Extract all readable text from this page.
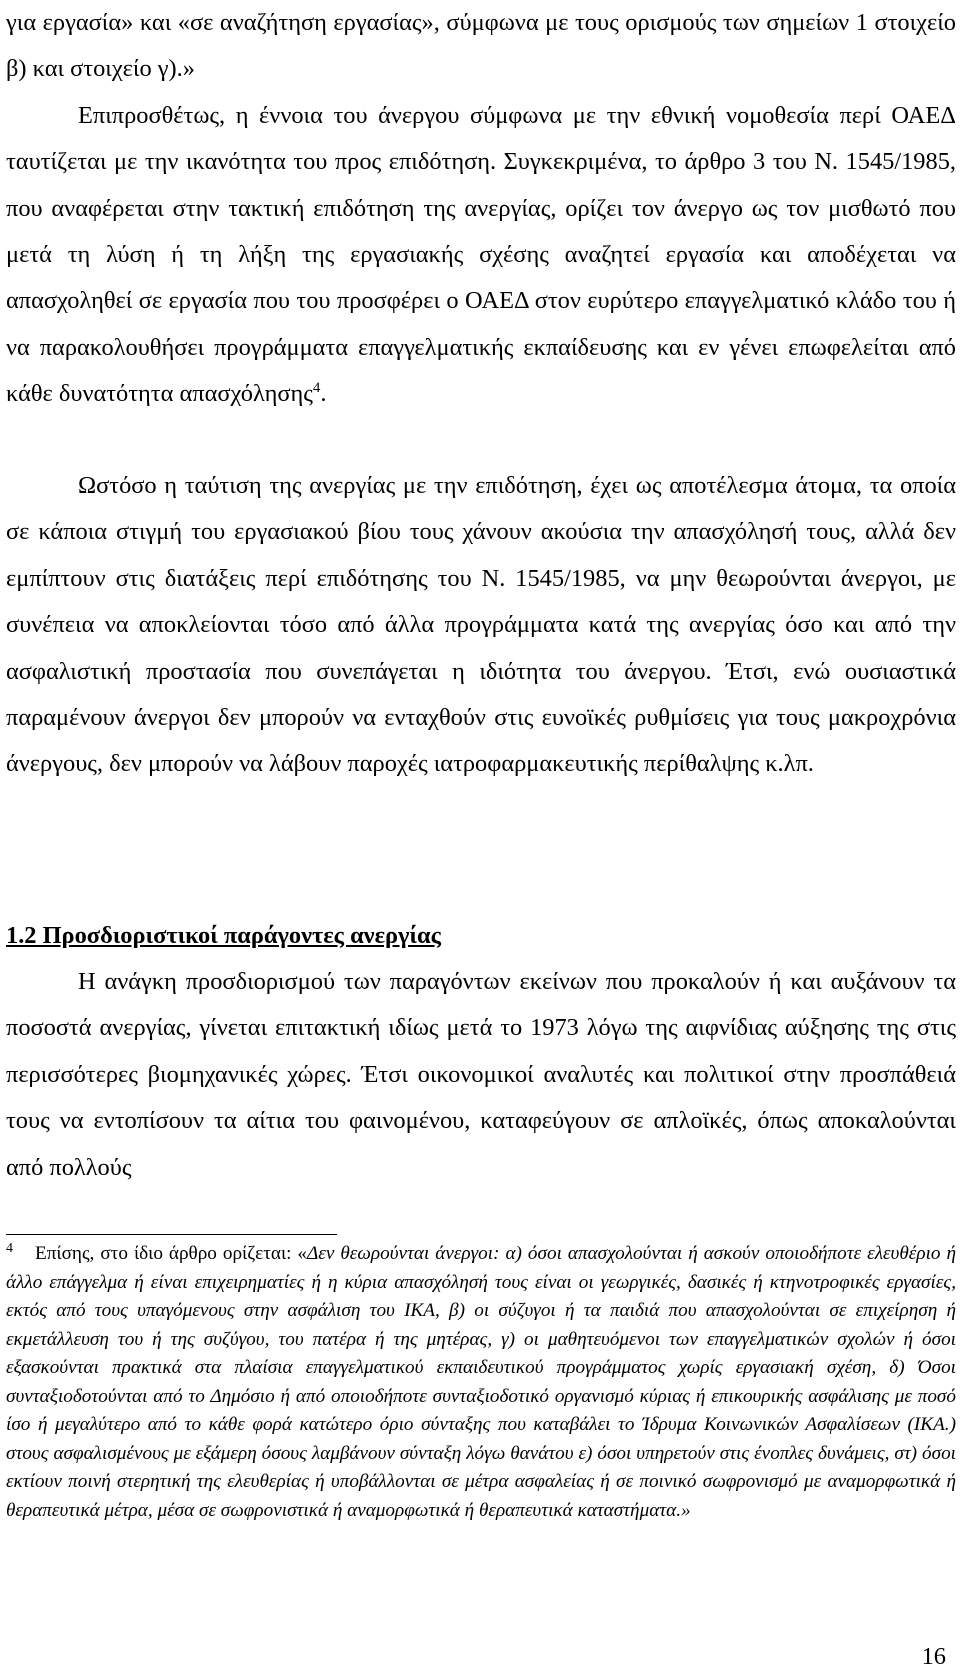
για εργασία» και «σε αναζήτηση εργασίας», σύμφωνα με τους ορισμούς των σημείων 1 στοιχείο β) και στοιχείο γ).»

Επιπροσθέτως, η έννοια του άνεργου σύμφωνα με την εθνική νομοθεσία περί ΟΑΕΔ ταυτίζεται με την ικανότητα του προς επιδότηση. Συγκεκριμένα, το άρθρο 3 του Ν. 1545/1985, που αναφέρεται στην τακτική επιδότηση της ανεργίας, ορίζει τον άνεργο ως τον μισθωτό που μετά τη λύση ή τη λήξη της εργασιακής σχέσης αναζητεί εργασία και αποδέχεται να απασχοληθεί σε εργασία που του προσφέρει ο ΟΑΕΔ στον ευρύτερο επαγγελματικό κλάδο του ή να παρακολουθήσει προγράμματα επαγγελματικής εκπαίδευσης και εν γένει επωφελείται από κάθε δυνατότητα απασχόλησης$^4$.

Ωστόσο η ταύτιση της ανεργίας με την επιδότηση, έχει ως αποτέλεσμα άτομα, τα οποία σε κάποια στιγμή του εργασιακού βίου τους χάνουν ακούσια την απασχόλησή τους, αλλά δεν εμπίπτουν στις διατάξεις περί επιδότησης του Ν. 1545/1985, να μην θεωρούνται άνεργοι, με συνέπεια να αποκλείονται τόσο από άλλα προγράμματα κατά της ανεργίας όσο και από την ασφαλιστική προστασία που συνεπάγεται η ιδιότητα του άνεργου. Έτσι, ενώ ουσιαστικά παραμένουν άνεργοι δεν μπορούν να ενταχθούν στις ευνοϊκές ρυθμίσεις για τους μακροχρόνια άνεργους, δεν μπορούν να λάβουν παροχές ιατροφαρμακευτικής περίθαλψης κ.λπ.

1.2 Προσδιοριστικοί παράγοντες ανεργίας

Η ανάγκη προσδιορισμού των παραγόντων εκείνων που προκαλούν ή και αυξάνουν τα ποσοστά ανεργίας, γίνεται επιτακτική ιδίως μετά το 1973 λόγω της αιφνίδιας αύξησης της στις περισσότερες βιομηχανικές χώρες. Έτσι οικονομικοί αναλυτές και πολιτικοί στην προσπάθειά τους να εντοπίσουν τα αίτια του φαινομένου, καταφεύγουν σε απλοϊκές, όπως αποκαλούνται από πολλούς

$^4$ Επίσης, στο ίδιο άρθρο ορίζεται: «Δεν θεωρούνται άνεργοι: α) όσοι απασχολούνται ή ασκούν οποιοδήποτε ελευθέριο ή άλλο επάγγελμα ή είναι επιχειρηματίες ή η κύρια απασχόλησή τους είναι οι γεωργικές, δασικές ή κτηνοτροφικές εργασίες, εκτός από τους υπαγόμενους στην ασφάλιση του ΙΚΑ, β) οι σύζυγοι ή τα παιδιά που απασχολούνται σε επιχείρηση ή εκμετάλλευση του ή της συζύγου, του πατέρα ή της μητέρας, γ) οι μαθητευόμενοι των επαγγελματικών σχολών ή όσοι εξασκούνται πρακτικά στα πλαίσια επαγγελματικού εκπαιδευτικού προγράμματος χωρίς εργασιακή σχέση, δ) Όσοι συνταξιοδοτούνται από το Δημόσιο ή από οποιοδήποτε συνταξιοδοτικό οργανισμό κύριας ή επικουρικής ασφάλισης με ποσό ίσο ή μεγαλύτερο από το κάθε φορά κατώτερο όριο σύνταξης που καταβάλει το Ίδρυμα Κοινωνικών Ασφαλίσεων (ΙΚΑ.) στους ασφαλισμένους με εξάμερη όσους λαμβάνουν σύνταξη λόγω θανάτου ε) όσοι υπηρετούν στις ένοπλες δυνάμεις, στ) όσοι εκτίουν ποινή στερητική της ελευθερίας ή υποβάλλονται σε μέτρα ασφαλείας ή σε ποινικό σωφρονισμό με αναμορφωτικά ή θεραπευτικά μέτρα, μέσα σε σωφρονιστικά ή αναμορφωτικά ή θεραπευτικά καταστήματα.»

16
